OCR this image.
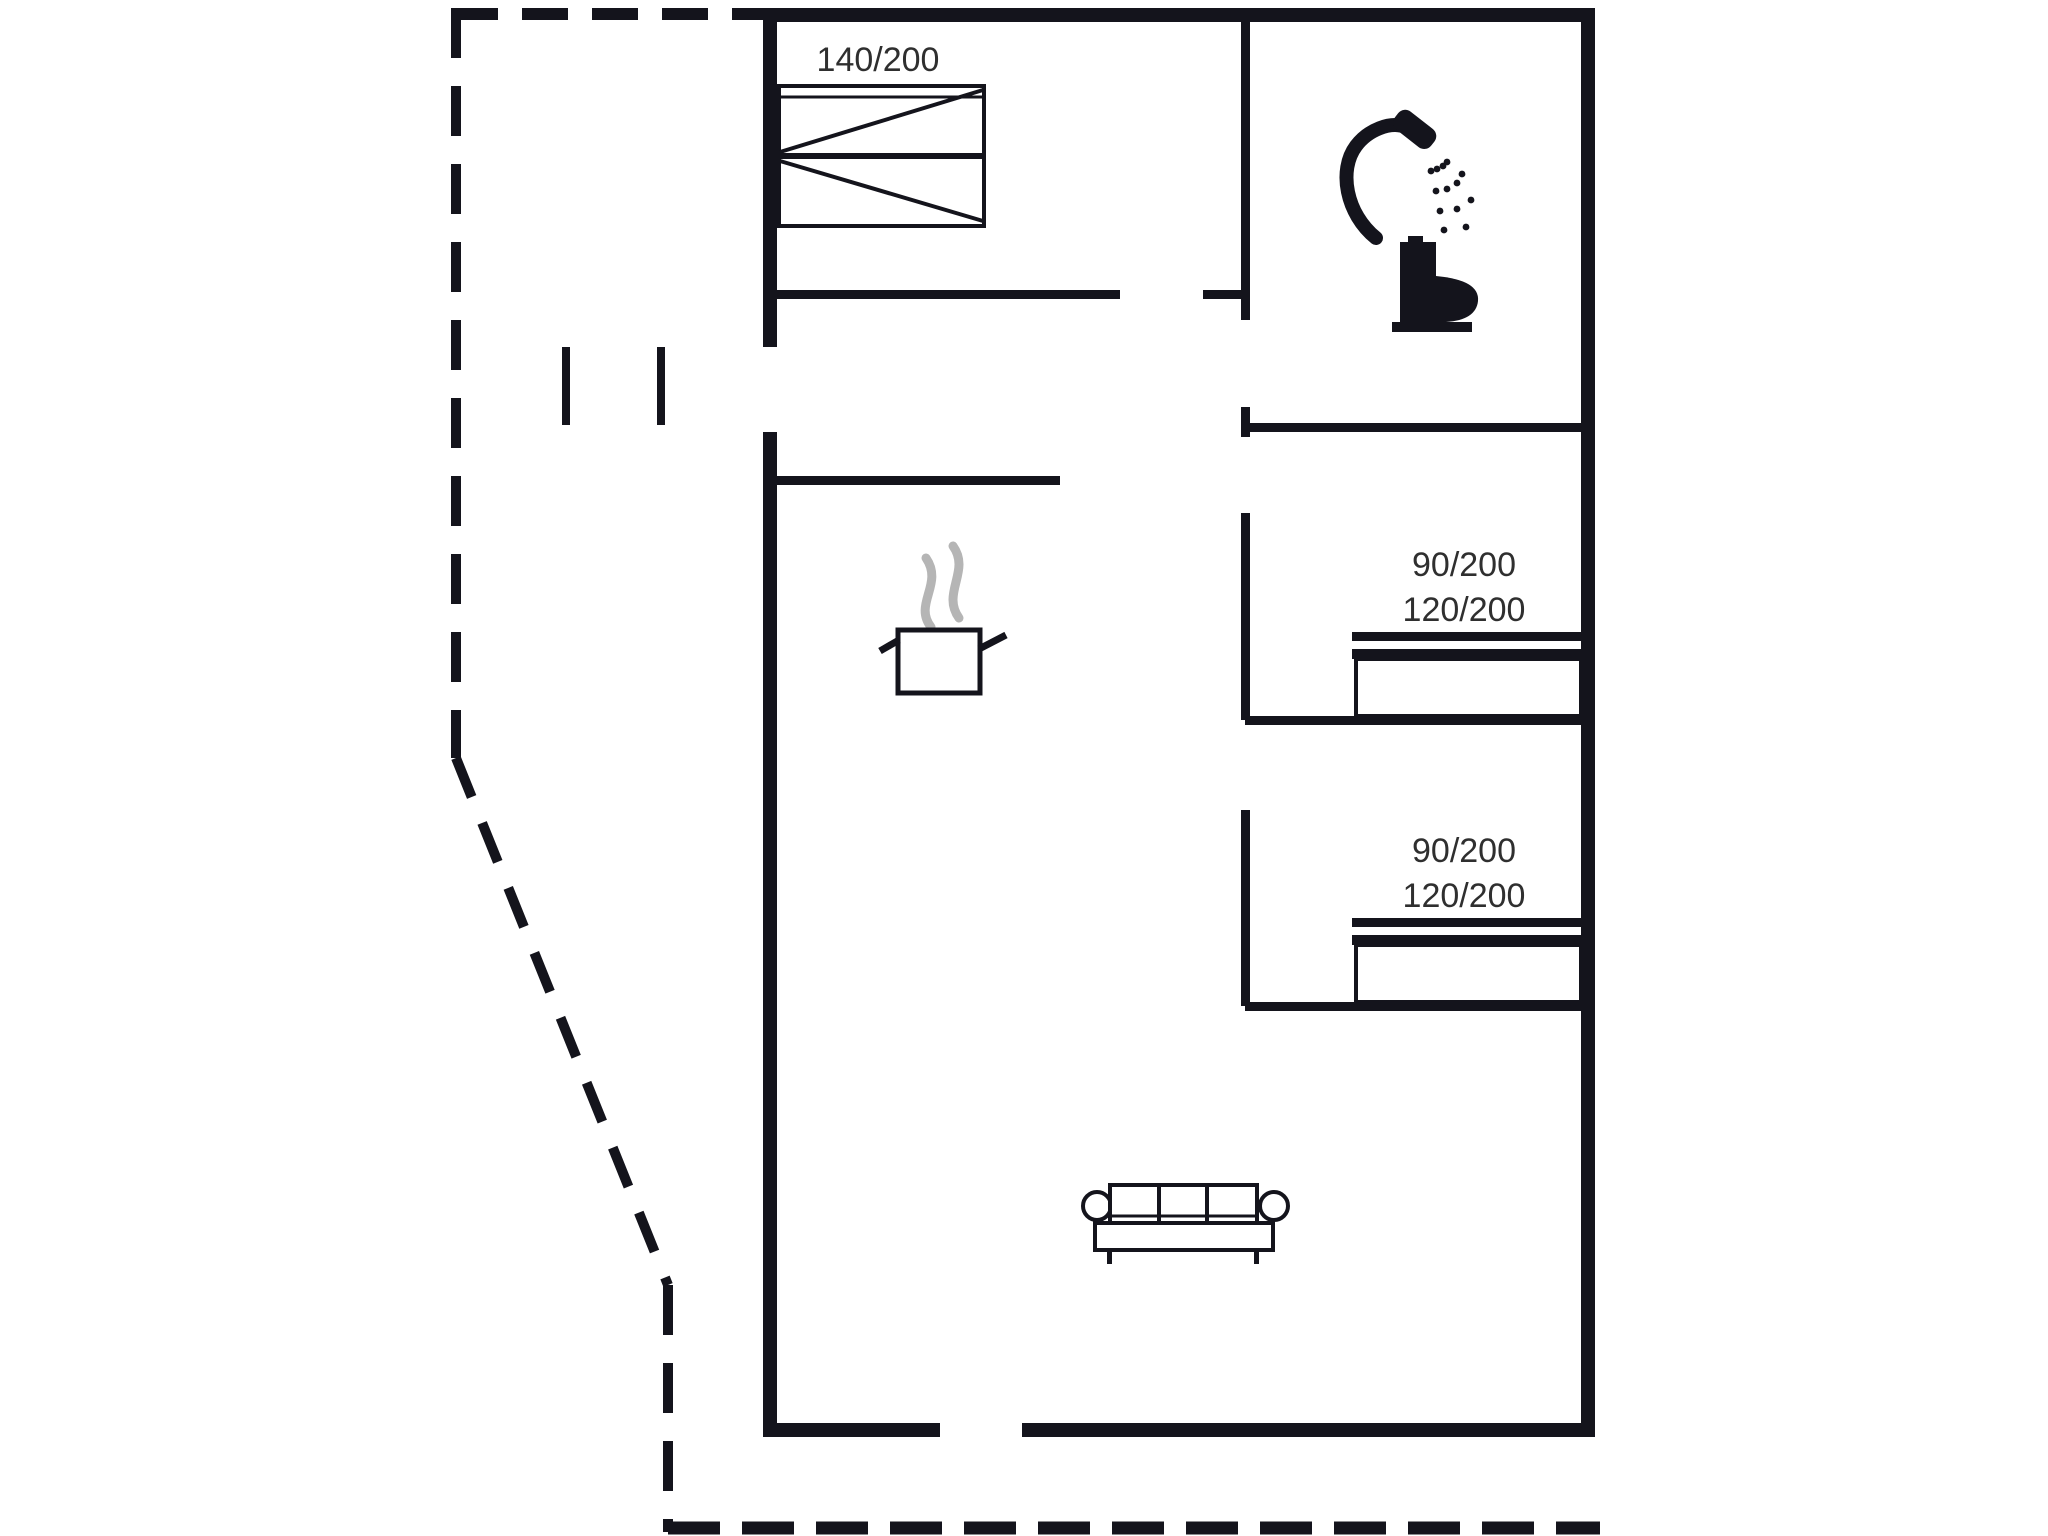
140/200
90/200
120/200
90/200
120/200
